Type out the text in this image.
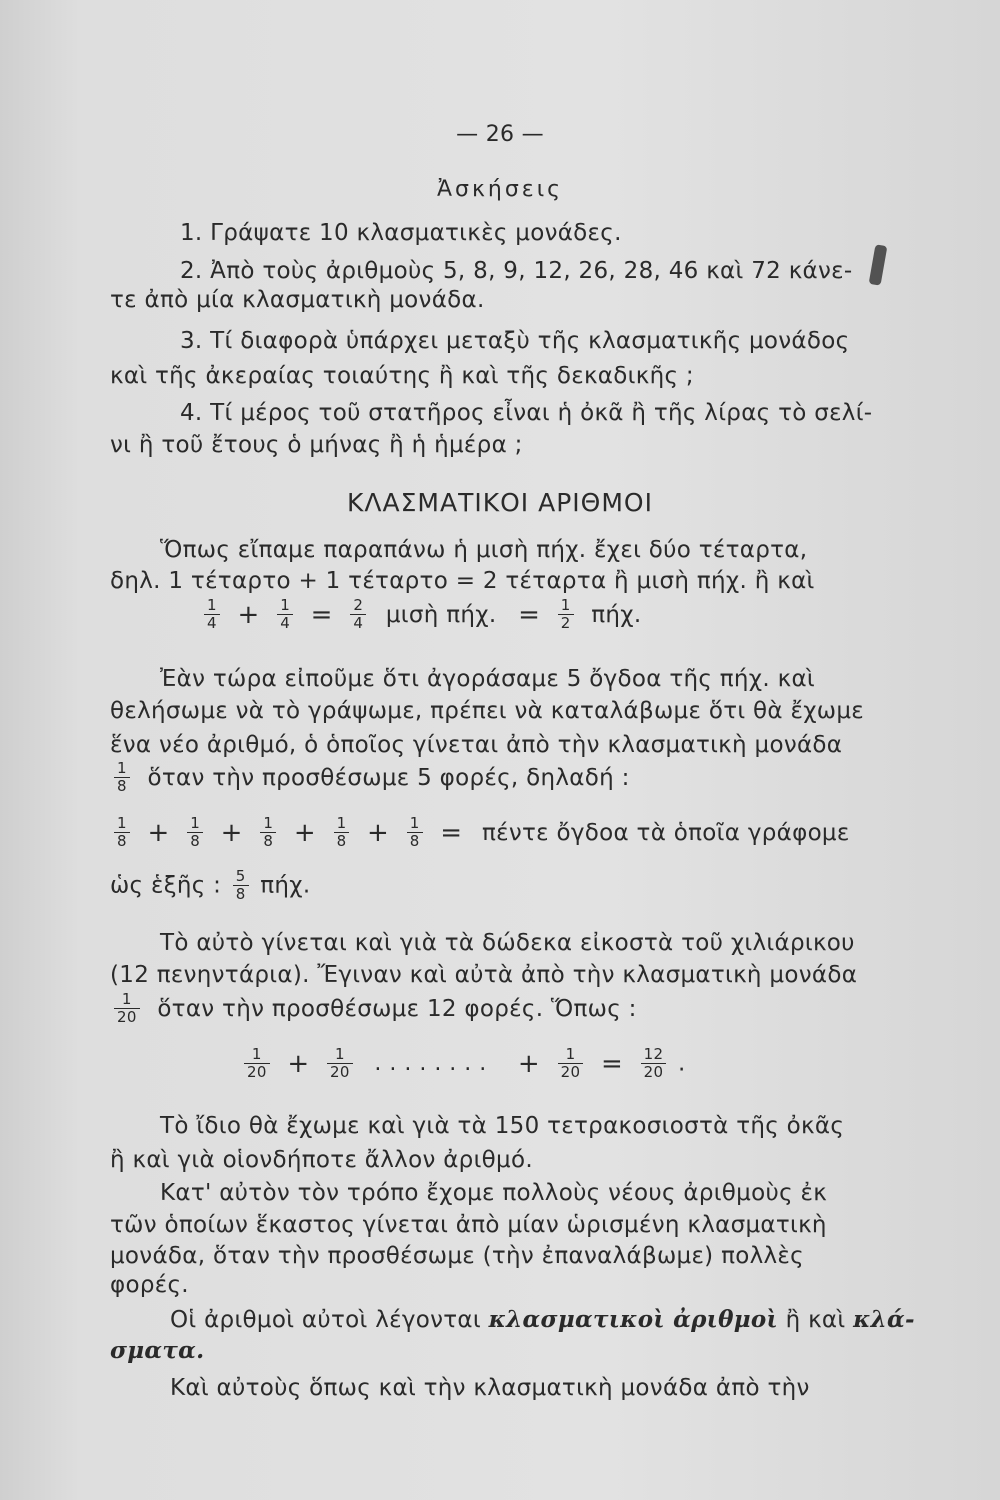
— 26 —
Ἀσκήσεις
1. Γράψατε 10 κλασματικὲς μονάδες.
2. Ἀπὸ τοὺς ἀριθμοὺς 5, 8, 9, 12, 26, 28, 46 καὶ 72 κάνε-
τε ἀπὸ μία κλασματικὴ μονάδα.
3. Τί διαφορὰ ὑπάρχει μεταξὺ τῆς κλασματικῆς μονάδος
καὶ τῆς ἀκεραίας τοιαύτης ἢ καὶ τῆς δεκαδικῆς ;
4. Τί μέρος τοῦ στατῆρος εἶναι ἡ ὀκᾶ ἢ τῆς λίρας τὸ σελί-
νι ἢ τοῦ ἔτους ὁ μήνας ἢ ἡ ἡμέρα ;
ΚΛΑΣΜΑΤΙΚΟΙ ΑΡΙΘΜΟΙ
Ὅπως εἴπαμε παραπάνω ἡ μισὴ πήχ. ἔχει δύο τέταρτα,
δηλ. 1 τέταρτο + 1 τέταρτο = 2 τέταρτα ἢ μισὴ πήχ. ἢ καὶ
$\frac{1}{4} + \frac{1}{4} = \frac{2}{4}$ μισὴ πήχ. = $\frac{1}{2} \pi ή\chi$.
Ἐὰν τώρα εἰποῦμε ὅτι ἀγοράσαμε 5 ὄγδοα τῆς πήχ. καὶ
θελήσωμε νὰ τὸ γράψωμε, πρέπει νὰ καταλάβωμε ὅτι θὰ ἔχωμε
ἕνα νέο ἀριθμό, ὁ ὁποῖος γίνεται ἀπὸ τὴν κλασματικὴ μονάδα
$\frac{1}{8}$ ὅταν τὴν προσθέσωμε 5 φορές, δηλαδή :
$\frac{1}{8} + \frac{1}{8} + \frac{1}{8} + \frac{1}{8} + \frac{1}{8} = \pi έ\nu\tau\varepsilon$ ὄγδοα τὰ ὁποῖα γράφομε
ὡς ἑξῆς : $\frac{5}{8} \pi ή\chi$.
Τὸ αὐτὸ γίνεται καὶ γιὰ τὰ δώδεκα εἰκοστὰ τοῦ χιλιάρικου
(12 πενηντάρια). Ἔγιναν καὶ αὐτὰ ἀπὸ τὴν κλασματικὴ μονάδα
$\frac{1}{20}$ ὅταν τὴν προσθέσωμε 12 φορές. Ὅπως :
$\frac{1}{20} + \frac{1}{20}$ ........ + $\frac{1}{20} = \frac{12}{20}$ .
Τὸ ἴδιο θὰ ἔχωμε καὶ γιὰ τὰ 150 τετρακοσιοστὰ τῆς ὀκᾶς
ἢ καὶ γιὰ οἱονδήποτε ἄλλον ἀριθμό.
Κατ' αὐτὸν τὸν τρόπο ἔχομε πολλοὺς νέους ἀριθμοὺς ἐκ
τῶν ὁποίων ἕκαστος γίνεται ἀπὸ μίαν ὡρισμένη κλασματικὴ
μονάδα, ὅταν τὴν προσθέσωμε (τὴν ἐπαναλάβωμε) πολλὲς
φορές.
Οἱ ἀριθμοὶ αὐτοὶ λέγονται κλασματικοὶ ἀριθμοὶ ἢ καὶ κλά-
σματα.
Καὶ αὐτοὺς ὅπως καὶ τὴν κλασματικὴ μονάδα ἀπὸ τὴν
